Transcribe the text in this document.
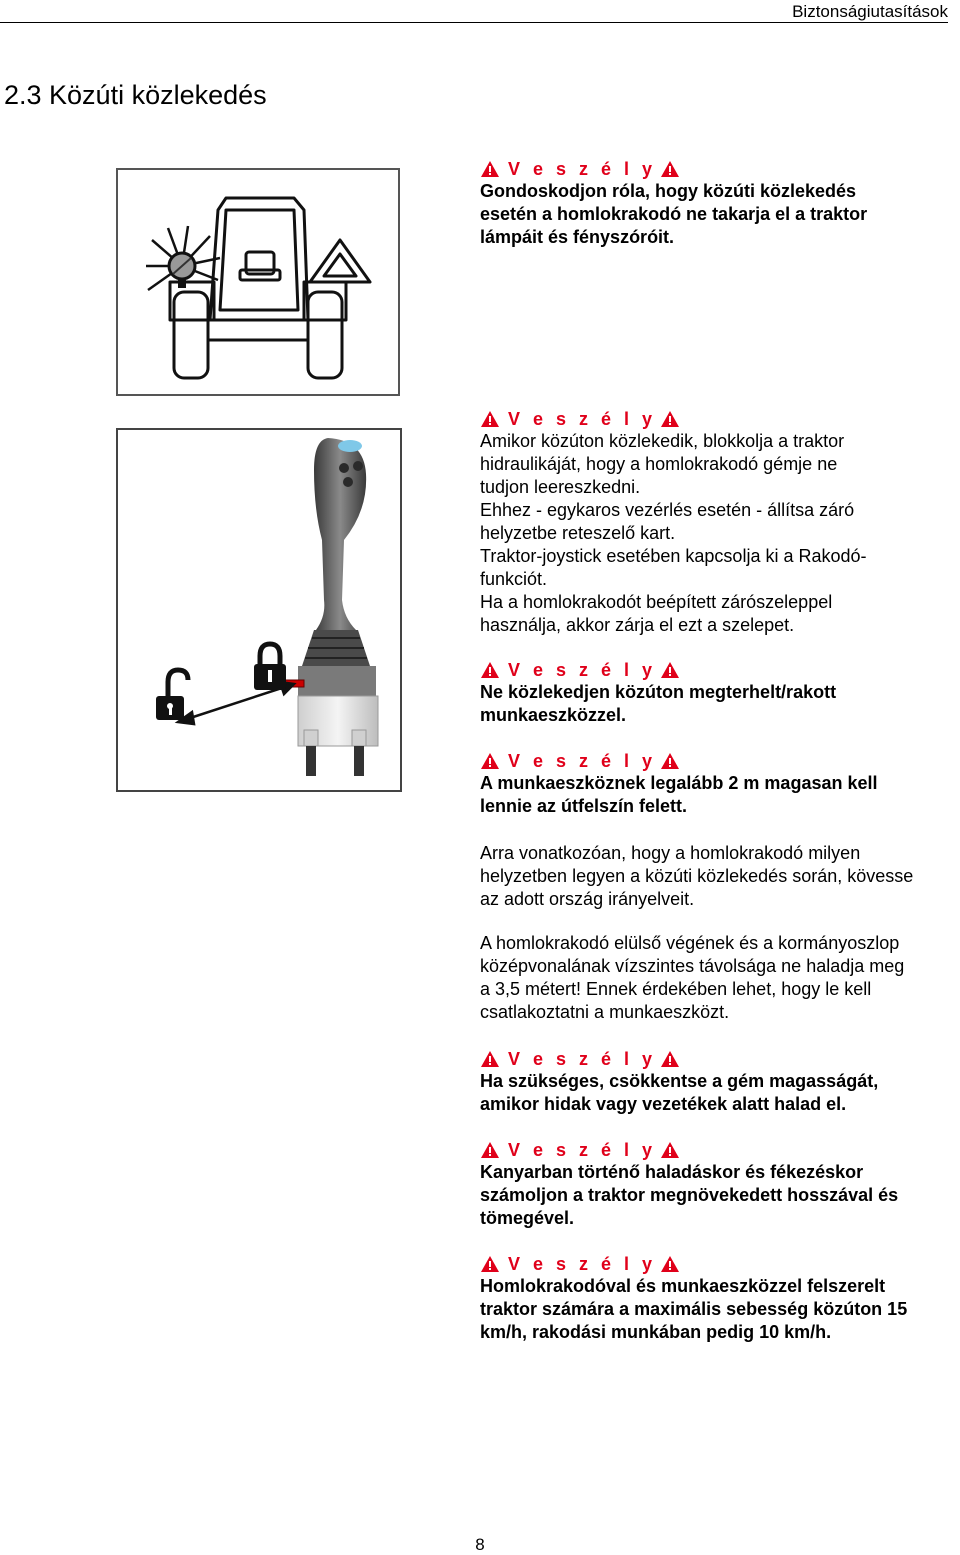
Biztonságiutasítások
2.3 Közúti közlekedés
V e s z é l y

Gondoskodjon róla, hogy közúti közlekedés

esetén a homlokrakodó ne takarja el a traktor

lámpáit és fényszóróit.

V e s z é l y

Amikor közúton közlekedik, blokkolja a traktor

hidraulikáját, hogy a homlokrakodó gémje ne

tudjon leereszkedni.

Ehhez - egykaros vezérlés esetén - állítsa záró

helyzetbe reteszelő kart.

Traktor-joystick esetében kapcsolja ki a Rakodó-

funkciót.

Ha a homlokrakodót beépített zárószeleppel

használja, akkor zárja el ezt a szelepet.

V e s z é l y

Ne közlekedjen közúton megterhelt/rakott

munkaeszközzel.

V e s z é l y

A munkaeszköznek legalább 2 m magasan kell

lennie az útfelszín felett.

Arra vonatkozóan, hogy a homlokrakodó milyen

helyzetben legyen a közúti közlekedés során, kövesse

az adott ország irányelveit.

A homlokrakodó elülső végének és a kormányoszlop

középvonalának vízszintes távolsága ne haladja meg

a 3,5 métert! Ennek érdekében lehet, hogy le kell

csatlakoztatni a munkaeszközt.

V e s z é l y

Ha szükséges, csökkentse a gém magasságát,

amikor hidak vagy vezetékek alatt halad el.

V e s z é l y

Kanyarban történő haladáskor és fékezéskor

számoljon a traktor megnövekedett hosszával és

tömegével.

V e s z é l y

Homlokrakodóval és munkaeszközzel felszerelt

traktor számára a maximális sebesség közúton 15

km/h, rakodási munkában pedig 10 km/h.

8
